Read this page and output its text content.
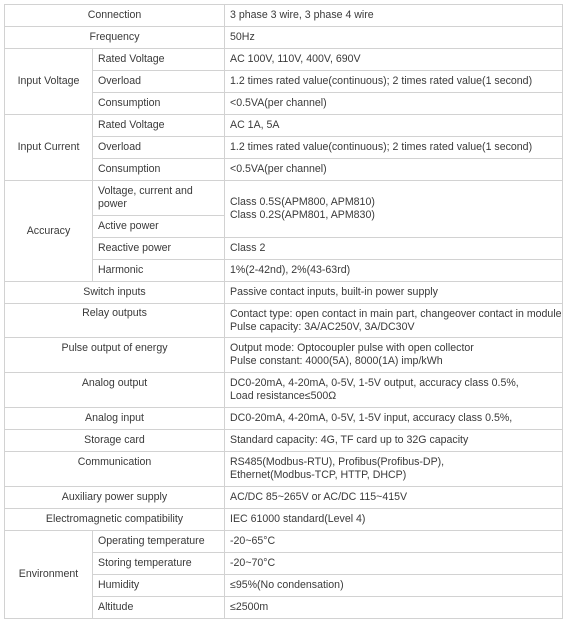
Connection		3 phase 3 wire, 3 phase 4 wire
Frequency		50Hz
Input Voltage	Rated Voltage	AC 100V, 110V, 400V, 690V
	Overload	1.2 times rated value(continuous); 2 times rated value(1 second)
	Consumption	<0.5VA(per channel)
Input Current	Rated Voltage	AC 1A, 5A
	Overload	1.2 times rated value(continuous); 2 times rated value(1 second)
	Consumption	<0.5VA(per channel)
Accuracy	Voltage, current and power	Class 0.5S(APM800, APM810)
Class 0.2S(APM801, APM830)

	Active power	
	Reactive power	Class 2
	Harmonic	1%(2-42nd), 2%(43-63rd)
Switch inputs		Passive contact inputs, built-in power supply
Relay outputs		Contact type: open contact in main part, changeover contact in module
Pulse capacity: 3A/AC250V, 3A/DC30V

Pulse output of energy		Output mode: Optocoupler pulse with open collector
Pulse constant: 4000(5A), 8000(1A) imp/kWh

Analog output		DC0-20mA, 4-20mA, 0-5V, 1-5V output, accuracy class 0.5%,
Load resistance≤500Ω

Analog input		DC0-20mA, 4-20mA, 0-5V, 1-5V input, accuracy class 0.5%,
Storage card		Standard capacity: 4G, TF card up to 32G capacity
Communication		RS485(Modbus-RTU), Profibus(Profibus-DP),
Ethernet(Modbus-TCP, HTTP, DHCP)

Auxiliary power supply		AC/DC 85~265V or AC/DC 115~415V
Electromagnetic compatibility		IEC 61000 standard(Level 4)
Environment	Operating temperature	-20~65°C
	Storing temperature	-20~70°C
	Humidity	≤95%(No condensation)
	Altitude	≤2500m
